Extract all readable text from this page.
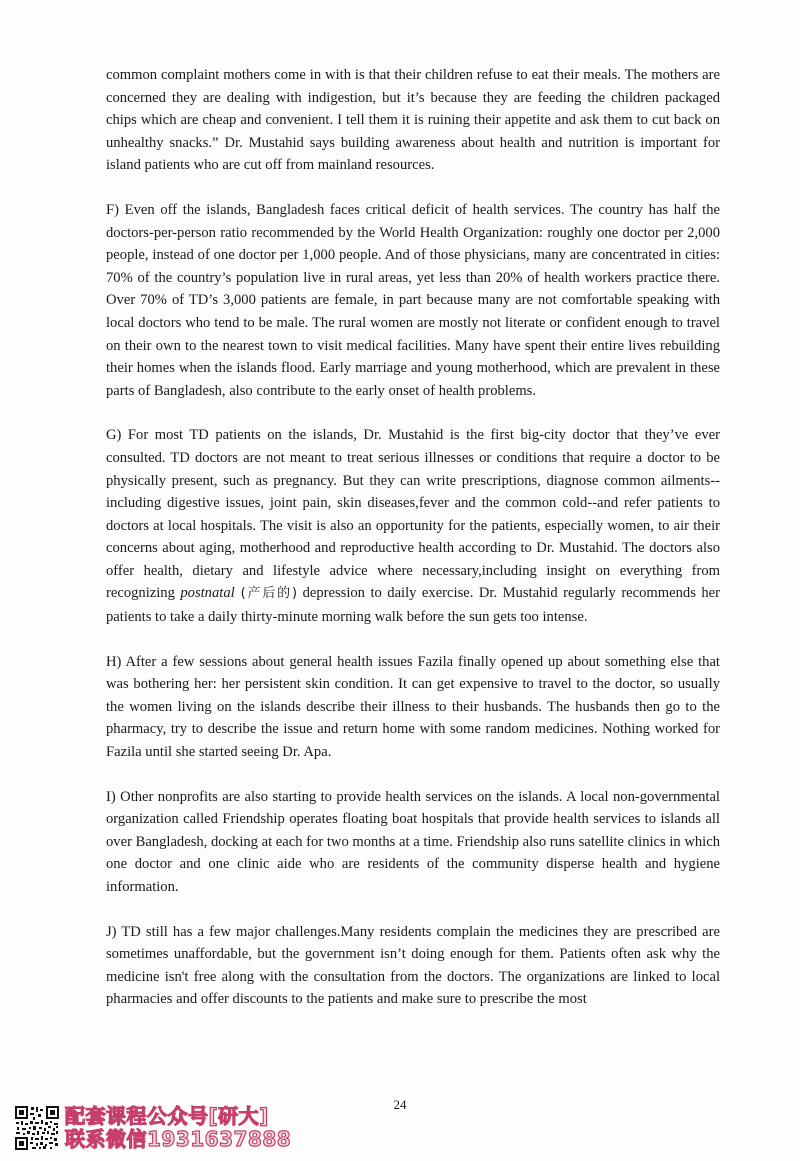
common complaint mothers come in with is that their children refuse to eat their meals. The mothers are concerned they are dealing with indigestion, but it’s because they are feeding the children packaged chips which are cheap and convenient. I tell them it is ruining their appetite and ask them to cut back on unhealthy snacks.” Dr. Mustahid says building awareness about health and nutrition is important for island patients who are cut off from mainland resources.

F) Even off the islands, Bangladesh faces critical deficit of health services. The country has half the doctors-per-person ratio recommended by the World Health Organization: roughly one doctor per 2,000 people, instead of one doctor per 1,000 people. And of those physicians, many are concentrated in cities: 70% of the country’s population live in rural areas, yet less than 20% of health workers practice there. Over 70% of TD’s 3,000 patients are female, in part because many are not comfortable speaking with local doctors who tend to be male. The rural women are mostly not literate or confident enough to travel on their own to the nearest town to visit medical facilities. Many have spent their entire lives rebuilding their homes when the islands flood. Early marriage and young motherhood, which are prevalent in these parts of Bangladesh, also contribute to the early onset of health problems.

G) For most TD patients on the islands, Dr. Mustahid is the first big-city doctor that they’ve ever consulted. TD doctors are not meant to treat serious illnesses or conditions that require a doctor to be physically present, such as pregnancy. But they can write prescriptions, diagnose common ailments--including digestive issues, joint pain, skin diseases,fever and the common cold--and refer patients to doctors at local hospitals. The visit is also an opportunity for the patients, especially women, to air their concerns about aging, motherhood and reproductive health according to Dr. Mustahid. The doctors also offer health, dietary and lifestyle advice where necessary,including insight on everything from recognizing postnatal (产后的) depression to daily exercise. Dr. Mustahid regularly recommends her patients to take a daily thirty-minute morning walk before the sun gets too intense.

H) After a few sessions about general health issues Fazila finally opened up about something else that was bothering her: her persistent skin condition. It can get expensive to travel to the doctor, so usually the women living on the islands describe their illness to their husbands. The husbands then go to the pharmacy, try to describe the issue and return home with some random medicines. Nothing worked for Fazila until she started seeing Dr. Apa.

I) Other nonprofits are also starting to provide health services on the islands. A local non-governmental organization called Friendship operates floating boat hospitals that provide health services to islands all over Bangladesh, docking at each for two months at a time. Friendship also runs satellite clinics in which one doctor and one clinic aide who are residents of the community disperse health and hygiene information.

J) TD still has a few major challenges.Many residents complain the medicines they are prescribed are sometimes unaffordable, but the government isn’t doing enough for them. Patients often ask why the medicine isn't free along with the consultation from the doctors. The organizations are linked to local pharmacies and offer discounts to the patients and make sure to prescribe the most

24
配套课程公众号[研大]
联系微信1931637888
